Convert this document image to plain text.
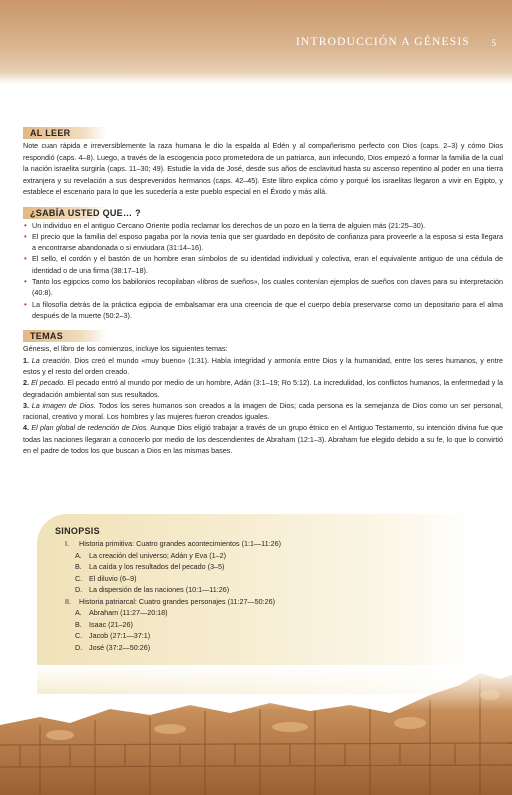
INTRODUCCIÓN A GÉNESIS 5
AL LEER

Note cuan rápida e irreversiblemente la raza humana le dio la espalda al Edén y al compañerismo perfecto con Dios (caps. 2–3) y cómo Dios respondió (caps. 4–8). Luego, a través de la escogencia poco prometedora de un patriarca, aun infecundo, Dios empezó a formar la familia de la cual la nación israelita surgiría (caps. 11–30; 49). Estudie la vida de José, desde sus años de esclavitud hasta su ascenso repentino al poder en una tierra extranjera y su revelación a sus desprevenidos hermanos (caps. 42–45). Este libro explica cómo y porqué los israelitas llegaron a vivir en Egipto, y establece el escenario para lo que les sucedería a este pueblo especial en el Éxodo y más allá.

¿SABÍA USTED QUE… ?
• Un individuo en el antiguo Cercano Oriente podía reclamar los derechos de un pozo en la tierra de alguien más (21:25–30).
• El precio que la familia del esposo pagaba por la novia tenía que ser guardado en depósito de confianza para proveerle a la esposa si esta llegara a encontrarse abandonada o si enviudara (31:14–16).
• El sello, el cordón y el bastón de un hombre eran símbolos de su identidad individual y colectiva, eran el equivalente antiguo de una cédula de identidad o de una firma (38:17–18).
• Tanto los egipcios como los babilonios recopilaban «libros de sueños», los cuales contenían ejemplos de sueños con claves para su interpretación (40:8).
• La filosofía detrás de la práctica egipcia de embalsamar era una creencia de que el cuerpo debía preservarse como un depositario para el alma después de la muerte (50:2–3).
TEMAS

Génesis, el libro de los comienzos, incluye los siguientes temas:

1. La creación. Dios creó el mundo «muy bueno» (1:31). Había integridad y armonía entre Dios y la humanidad, entre los seres humanos, y entre estos y el resto del orden creado.
2. El pecado. El pecado entró al mundo por medio de un hombre, Adán (3:1–19; Ro 5:12). La incredulidad, los conflictos humanos, la enfermedad y la degradación ambiental son sus resultados.
3. La imagen de Dios. Todos los seres humanos son creados a la imagen de Dios; cada persona es la semejanza de Dios como un ser personal, racional, creativo y moral. Los hombres y las mujeres fueron creados iguales.
4. El plan global de redención de Dios. Aunque Dios eligió trabajar a través de un grupo étnico en el Antiguo Testamento, su intención divina fue que todas las naciones llegaran a conocerlo por medio de los descendientes de Abraham (12:1–3). Abraham fue elegido debido a su fe, lo que lo convirtió en el padre de todos los que buscan a Dios en las mismas bases.
SINOPSIS
I. Historia primitiva: Cuatro grandes acontecimientos (1:1—11:26)
A. La creación del universo; Adán y Eva (1–2)
B. La caída y los resultados del pecado (3–5)
C. El diluvio (6–9)
D. La dispersión de las naciones (10:1—11:26)
II. Historia patriarcal: Cuatro grandes personajes (11:27—50:26)
A. Abraham (11:27—20:18)
B. Isaac (21–26)
C. Jacob (27:1—37:1)
D. José (37:2—50:26)
